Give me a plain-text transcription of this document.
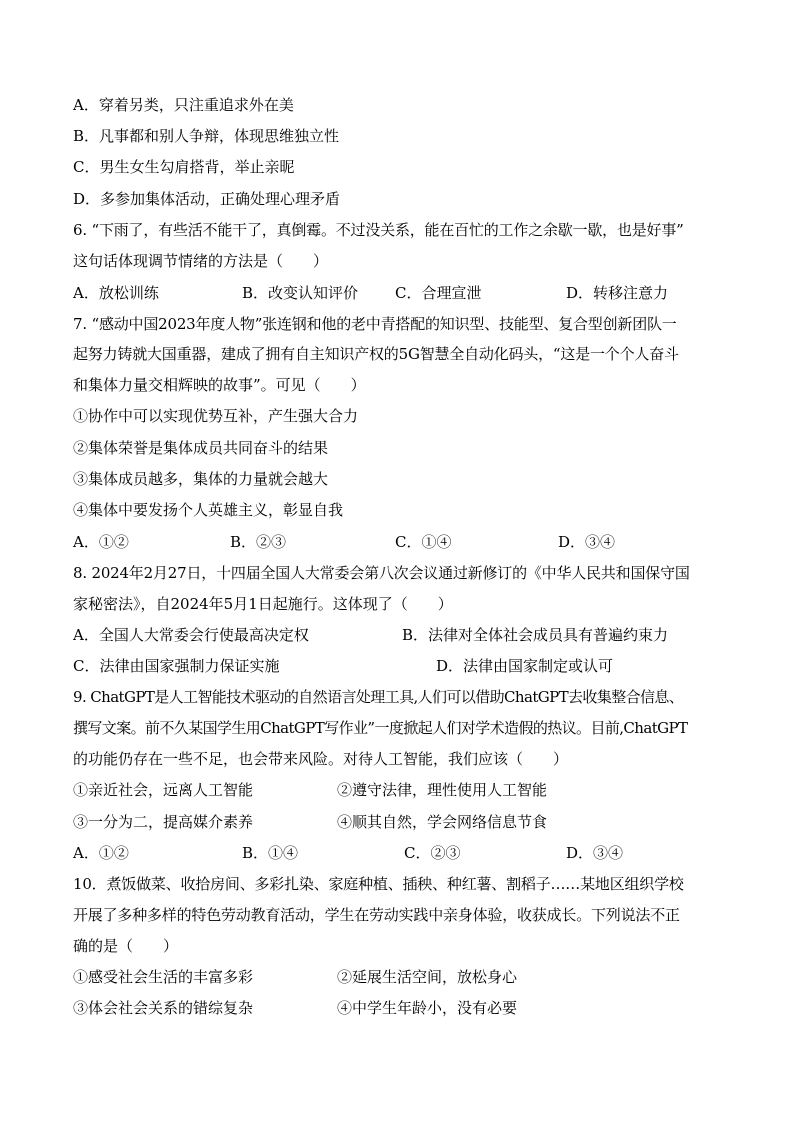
A．穿着另类，只注重追求外在美
B．凡事都和别人争辩，体现思维独立性
C．男生女生勾肩搭背，举止亲昵
D．多参加集体活动，正确处理心理矛盾
6. “下雨了，有些活不能干了，真倒霉。不过没关系，能在百忙的工作之余歇一歇，也是好事”
这句话体现调节情绪的方法是（　　）
A．放松训练	B．改变认知评价 C．合理宣泄	D．转移注意力
7. “感动中国2023年度人物”张连钢和他的老中青搭配的知识型、技能型、复合型创新团队一
起努力铸就大国重器，建成了拥有自主知识产权的5G智慧全自动化码头，“这是一个个人奋斗
和集体力量交相辉映的故事”。可见（　　）
①协作中可以实现优势互补，产生强大合力
②集体荣誉是集体成员共同奋斗的结果
③集体成员越多，集体的力量就会越大
④集体中要发扬个人英雄主义，彰显自我
A．①②	B．②③	C．①④	D．③④
8. 2024年2月27日，十四届全国人大常委会第八次会议通过新修订的《中华人民共和国保守国
家秘密法》，自2024年5月1日起施行。这体现了（　　）
A．全国人大常委会行使最高决定权	B．法律对全体社会成员具有普遍约束力
C．法律由国家强制力保证实施	D．法律由国家制定或认可
9. ChatGPT是人工智能技术驱动的自然语言处理工具,人们可以借助ChatGPT去收集整合信息、
撰写文案。前不久某国学生用ChatGPT写作业”一度掀起人们对学术造假的热议。目前,ChatGPT
的功能仍存在一些不足，也会带来风险。对待人工智能，我们应该（　　）
①亲近社会，远离人工智能	②遵守法律，理性使用人工智能
③一分为二，提高媒介素养	④顺其自然，学会网络信息节食
A．①②	B．①④	C．②③	D．③④
10．煮饭做菜、收拾房间、多彩扎染、家庭种植、插秧、种红薯、割稻子……某地区组织学校
开展了多种多样的特色劳动教育活动，学生在劳动实践中亲身体验，收获成长。下列说法不正
确的是（　　）
①感受社会生活的丰富多彩	②延展生活空间，放松身心
③体会社会关系的错综复杂	④中学生年龄小，没有必要
